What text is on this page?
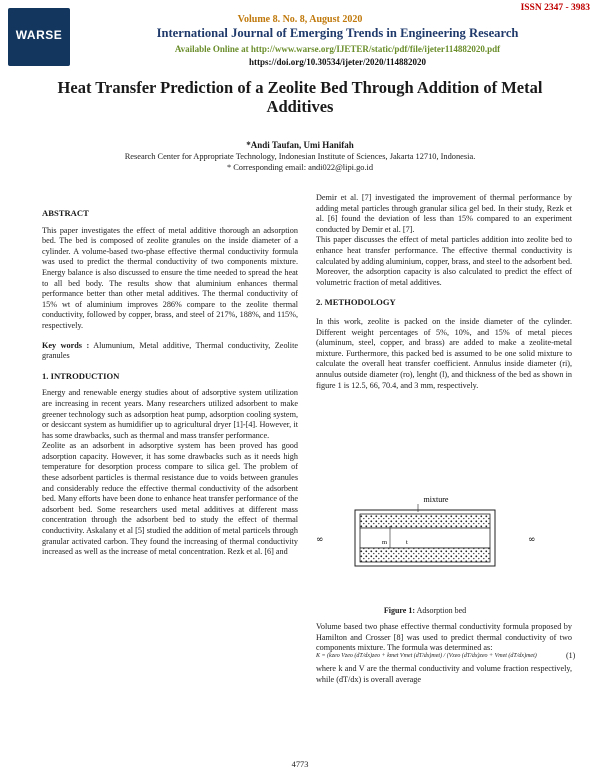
WARSE
ISSN 2347 - 3983
Volume 8. No. 8, August 2020
International Journal of Emerging Trends in Engineering Research
Available Online at http://www.warse.org/IJETER/static/pdf/file/ijeter114882020.pdf
https://doi.org/10.30534/ijeter/2020/114882020
Heat Transfer Prediction of a Zeolite Bed Through Addition of Metal Additives
*Andi Taufan, Umi Hanifah
Research Center for Appropriate Technology, Indonesian Institute of Sciences, Jakarta 12710, Indonesia.
* Corresponding email: andi022@lipi.go.id

ABSTRACT

This paper investigates the effect of metal additive thorough an adsorption bed. The bed is composed of zeolite granules on the inside diameter of a cylinder. A volume-based two-phase effective thermal conductivity formula was used to predict the thermal conductivity of two components mixture. Energy balance is also discussed to ensure the time needed to spread the heat to all bed body. The results show that aluminium enhances thermal performance better than other metal additives. The thermal conductivity of 15% wt of aluminium improves 286% compare to the zeolite thermal conductivity, followed by copper, brass, and steel of 217%, 188%, and 115%, respectively.

Key words : Alumunium, Metal additive, Thermal conductivity, Zeolite granules

1. INTRODUCTION

Energy and renewable energy studies about of adsorptive system utilization are increasing in recent years. Many researchers utilized adsorbent to make greener technology such as adsorption heat pump, adsorption cooling system, or desiccant system as humidifier up to agricultural dryer [1]-[4]. However, it has some drawbacks, such as thermal and mass transfer performance.

Zeolite as an adsorbent in adsorptive system has been proved has good adsorption capacity. However, it has some drawbacks such as it needs high temperature for desorption process compare to silica gel. The problem of these adsorbent particles is thermal resistance due to voids between granules and considerably reduce the effective thermal conductivity of the adsorbent bed. Many efforts have been done to enhance heat transfer performance of the adsorbent bed. Some researchers used metal additives at different mass concentration through the adsorbent bed to study the effect of thermal conductivity. Askalany et al [5] studied the addition of metal particels through granular activated carbon. They found the increasing of thermal conductivity increased as well as the increase of metal concentration. Rezk et al. [6] and

Demir et al. [7] investigated the improvement of thermal performance by adding metal particles through granular silica gel bed. In their study, Rezk et al. [6] found the deviation of less than 15% compared to an experiment conducted by Demir et al. [7].

This paper discusses the effect of metal particles addition into zeolite bed to enhance heat transfer performance. The effective thermal conductivity is calculated by adding aluminium, copper, brass, and steel to the adsorbent bed. Moreover, the adsorption capacity is also calculated to predict the effect of volumetric fraction of metal additives.

2. METHODOLOGY

In this work, zeolite is packed on the inside diameter of the cylinder. Different weight percentages of 5%, 10%, and 15% of metal pieces (aluminum, steel, copper, and brass) are added to make a zeolite-metal mixture. Furthermore, this packed bed is assumed to be one solid mixture to calculate the overall heat transfer coefficient. Annulus inside diameter (ri), annulus outside diameter (ro), lenght (l), and thickness of the bed as shown in figure 1 is 12.5, 66, 70.4, and 3 mm, respectively.

mixture
m	t
∞	∞
Figure 1: Adsorption bed
Volume based two phase effective thermal conductivity formula proposed by Hamilton and Crosser [8] was used to predict thermal conductivity of two components mixture. The formula was determined as:
K = (kzeo Vzeo (dT/dx)zeo + kmet Vmet (dT/dx)met) / (Vzeo (dT/dx)zeo + Vmet (dT/dx)met)	(1)
where k and V are the thermal conductivity and volume fraction respectively, while (dT/dx) is overall average
4773
